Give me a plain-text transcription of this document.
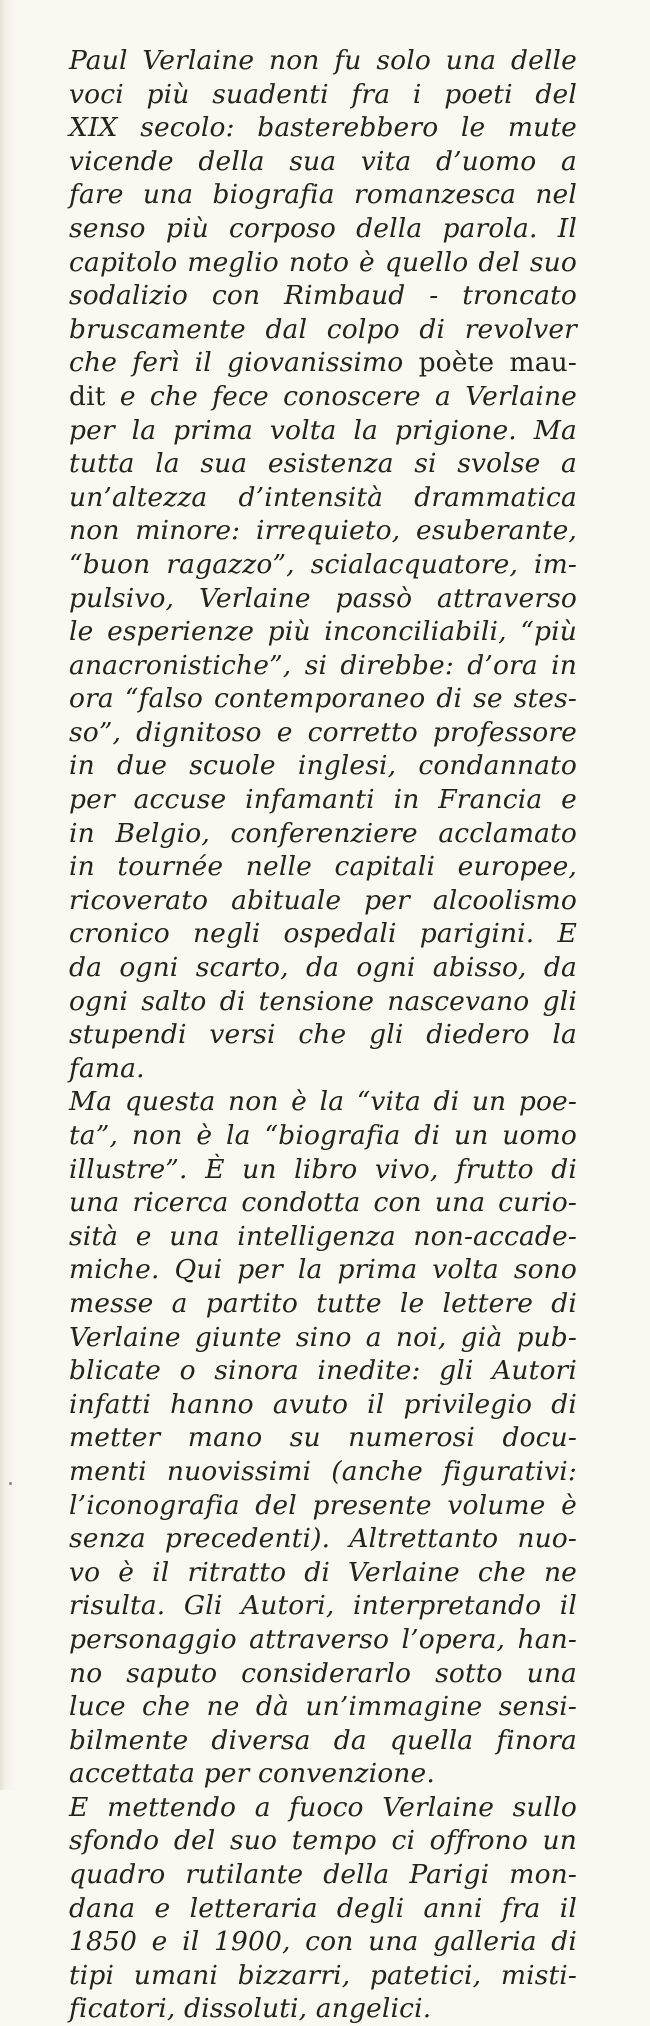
Paul Verlaine non fu solo una delle
voci più suadenti fra i poeti del
XIX secolo: basterebbero le mute
vicende della sua vita d’uomo a
fare una biografia romanzesca nel
senso più corposo della parola. Il
capitolo meglio noto è quello del suo
sodalizio con Rimbaud - troncato
bruscamente dal colpo di revolver
che ferì il giovanissimo poète mau-
dit e che fece conoscere a Verlaine
per la prima volta la prigione. Ma
tutta la sua esistenza si svolse a
un’altezza d’intensità drammatica
non minore: irrequieto, esuberante,
“buon ragazzo”, scialacquatore, im-
pulsivo, Verlaine passò attraverso
le esperienze più inconciliabili, “più
anacronistiche”, si direbbe: d’ora in
ora “falso contemporaneo di se stes-
so”, dignitoso e corretto professore
in due scuole inglesi, condannato
per accuse infamanti in Francia e
in Belgio, conferenziere acclamato
in tournée nelle capitali europee,
ricoverato abituale per alcoolismo
cronico negli ospedali parigini. E
da ogni scarto, da ogni abisso, da
ogni salto di tensione nascevano gli
stupendi versi che gli diedero la
fama.
Ma questa non è la “vita di un poe-
ta”, non è la “biografia di un uomo
illustre”. È un libro vivo, frutto di
una ricerca condotta con una curio-
sità e una intelligenza non-accade-
miche. Qui per la prima volta sono
messe a partito tutte le lettere di
Verlaine giunte sino a noi, già pub-
blicate o sinora inedite: gli Autori
infatti hanno avuto il privilegio di
metter mano su numerosi docu-
menti nuovissimi (anche figurativi:
l’iconografia del presente volume è
senza precedenti). Altrettanto nuo-
vo è il ritratto di Verlaine che ne
risulta. Gli Autori, interpretando il
personaggio attraverso l’opera, han-
no saputo considerarlo sotto una
luce che ne dà un’immagine sensi-
bilmente diversa da quella finora
accettata per convenzione.
E mettendo a fuoco Verlaine sullo
sfondo del suo tempo ci offrono un
quadro rutilante della Parigi mon-
dana e letteraria degli anni fra il
1850 e il 1900, con una galleria di
tipi umani bizzarri, patetici, misti-
ficatori, dissoluti, angelici.
